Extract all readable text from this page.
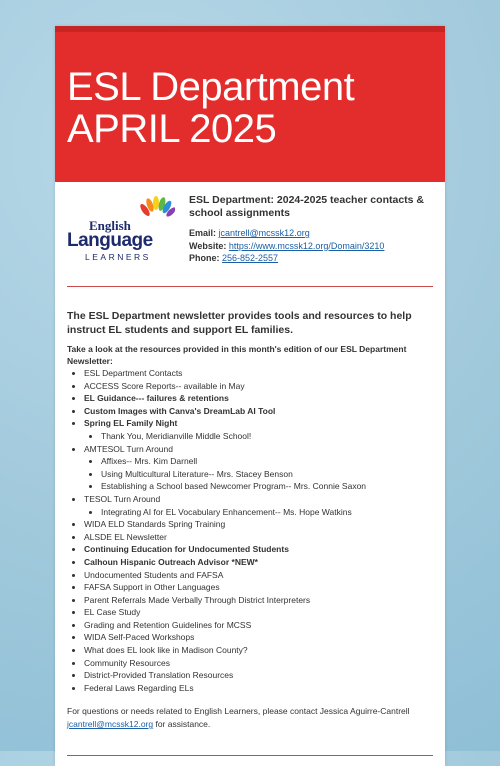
ESL Department
APRIL 2025
English
Language
LEARNERS
ESL Department: 2024-2025 teacher contacts & school assignments
Email: jcantrell@mcssk12.org
Website: https://www.mcssk12.org/Domain/3210
Phone: 256-852-2557
The ESL Department newsletter provides tools and resources to help instruct EL students and support EL families.
Take a look at the resources provided in this month's edition of our ESL Department Newsletter:
• ESL Department Contacts
• ACCESS Score Reports-- available in May
• EL Guidance--- failures & retentions
• Custom Images with Canva's DreamLab AI Tool
• Spring EL Family Night
• Thank You, Meridianville Middle School!
• AMTESOL Turn Around
• Affixes-- Mrs. Kim Darnell
• Using Multicultural Literature-- Mrs. Stacey Benson
• Establishing a School based Newcomer Program-- Mrs. Connie Saxon
• TESOL Turn Around
• Integrating AI for EL Vocabulary Enhancement-- Ms. Hope Watkins
• WIDA ELD Standards Spring Training
• ALSDE EL Newsletter
• Continuing Education for Undocumented Students
• Calhoun Hispanic Outreach Advisor *NEW*
• Undocumented Students and FAFSA
• FAFSA Support in Other Languages
• Parent Referrals Made Verbally Through District Interpreters
• EL Case Study
• Grading and Retention Guidelines for MCSS
• WIDA Self-Paced Workshops
• What does EL look like in Madison County?
• Community Resources
• District-Provided Translation Resources
• Federal Laws Regarding ELs
For questions or needs related to English Learners, please contact Jessica Aguirre-Cantrell
jcantrell@mcssk12.org for assistance.
